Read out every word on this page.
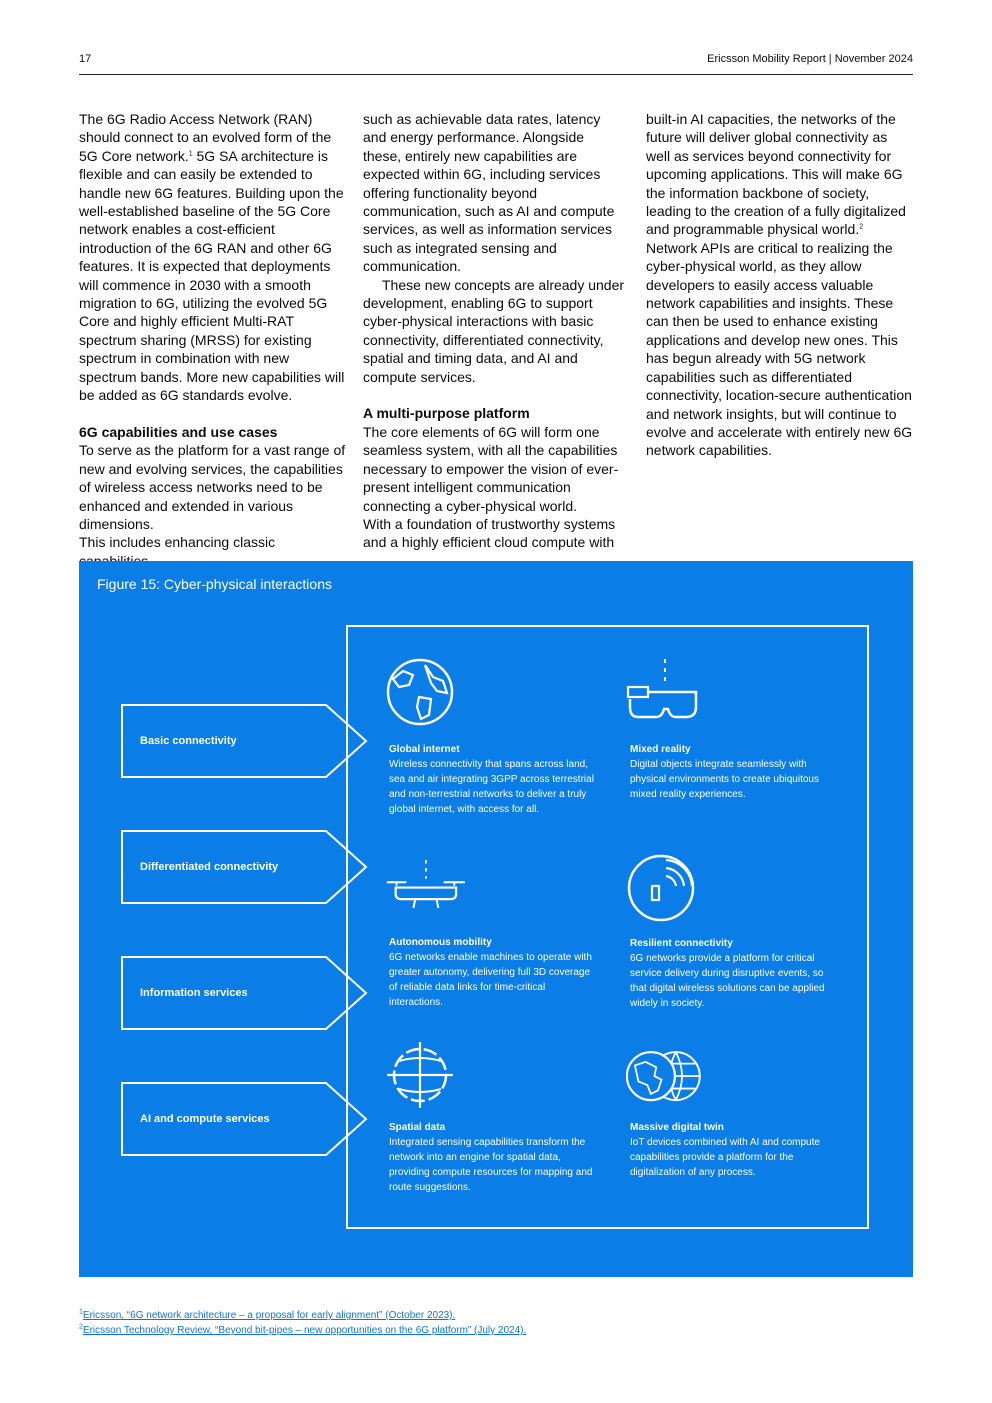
17	Ericsson Mobility Report | November 2024

The 6G Radio Access Network (RAN) should connect to an evolved form of the 5G Core network.$^1$ 5G SA architecture is flexible and can easily be extended to handle new 6G features. Building upon the well-established baseline of the 5G Core network enables a cost-efficient introduction of the 6G RAN and other 6G features. It is expected that deployments will commence in 2030 with a smooth migration to 6G, utilizing the evolved 5G Core and highly efficient Multi-RAT spectrum sharing (MRSS) for existing spectrum in combination with new spectrum bands. More new capabilities will be added as 6G standards evolve.

6G capabilities and use cases

To serve as the platform for a vast range of new and evolving services, the capabilities of wireless access networks need to be enhanced and extended in various dimensions.

This includes enhancing classic

such as achievable data rates, latency and energy performance. Alongside these, entirely new capabilities are expected within 6G, including services offering functionality beyond communication, such as AI and compute services, as well as information services such as integrated sensing and communication.

These new concepts are already under development, enabling 6G to support cyber-physical interactions with basic connectivity, differentiated connectivity, spatial and timing data, and AI and compute services.

A multi-purpose platform

The core elements of 6G will form one seamless system, with all the capabilities necessary to empower the vision of ever-present intelligent communication connecting a cyber-physical world.

With a foundation of trustworthy systems and a highly efficient cloud compute with

built-in AI capacities, the networks of the future will deliver global connectivity as well as services beyond connectivity for upcoming applications. This will make 6G the information backbone of society, leading to the creation of a fully digitalized and programmable physical world.$^2$

Network APIs are critical to realizing the cyber-physical world, as they allow developers to easily access valuable network capabilities and insights. These can then be used to enhance existing applications and develop new ones. This has begun already with 5G network capabilities such as differentiated connectivity, location-secure authentication and network insights, but will continue to evolve and accelerate with entirely new 6G network capabilities.

Figure 15: Cyber-physical interactions
Basic connectivity
Differentiated connectivity
Information services
AI and compute services
Global internet
Wireless connectivity that spans across land, sea and air integrating 3GPP across terrestrial and non-terrestrial networks to deliver a truly global internet, with access for all.
Mixed reality
Digital objects integrate seamlessly with physical environments to create ubiquitous mixed reality experiences.
Autonomous mobility
6G networks enable machines to operate with greater autonomy, delivering full 3D coverage of reliable data links for time-critical interactions.
Resilient connectivity
6G networks provide a platform for critical service delivery during disruptive events, so that digital wireless solutions can be applied widely in society.
Spatial data
Integrated sensing capabilities transform the network into an engine for spatial data, providing compute resources for mapping and route suggestions.
Massive digital twin
IoT devices combined with AI and compute capabilities provide a platform for the digitalization of any process.
$^1$Ericsson, “6G network architecture – a proposal for early alignment” (October 2023).
$^2$Ericsson Technology Review, “Beyond bit-pipes – new opportunities on the 6G platform” (July 2024).
